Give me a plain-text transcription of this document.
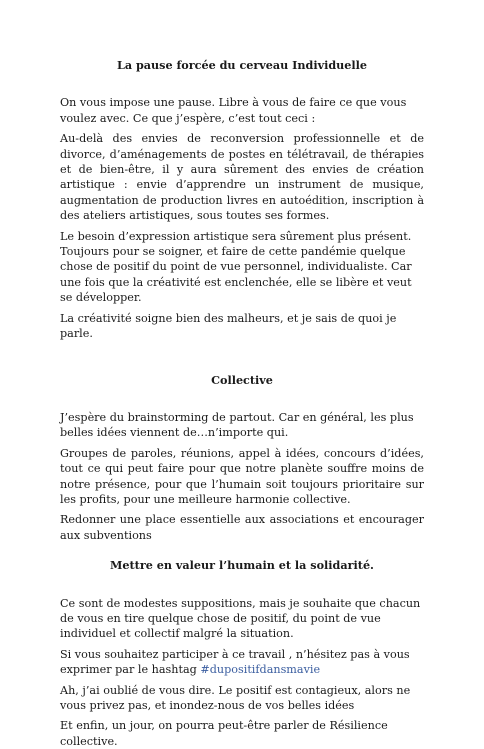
La pause forcée du cerveau Individuelle

On vous impose une pause. Libre à vous de faire ce que vous voulez avec. Ce que j’espère, c’est tout ceci :

Au-delà des envies de reconversion professionnelle et de divorce, d’aménagements de postes en télétravail, de thérapies et de bien-être, il y aura sûrement des envies de création artistique : envie d’apprendre un instrument de musique, augmentation de production livres en autoédition, inscription à des ateliers artistiques, sous toutes ses formes.

Le besoin d’expression artistique sera sûrement plus présent. Toujours pour se soigner, et faire de cette pandémie quelque chose de positif du point de vue personnel, individualiste. Car une fois que la créativité est enclenchée, elle se libère et veut se développer.

La créativité soigne bien des malheurs, et je sais de quoi je parle.

Collective

J’espère du brainstorming de partout. Car en général, les plus belles idées viennent de…n’importe qui.

Groupes de paroles, réunions, appel à idées, concours d’idées, tout ce qui peut faire pour que notre planète souffre moins de notre présence, pour que l’humain soit toujours prioritaire sur les profits, pour une meilleure harmonie collective.

Redonner une place essentielle aux associations et encourager aux subventions

Mettre en valeur l’humain et la solidarité.

Ce sont de modestes suppositions, mais je souhaite que chacun de vous en tire quelque chose de positif, du point de vue individuel et collectif malgré la situation.

Si vous souhaitez participer à ce travail , n’hésitez pas à vous exprimer par le hashtag #dupositifdansmavie

Ah, j’ai oublié de vous dire. Le positif est contagieux, alors ne vous privez pas, et inondez-nous de vos belles idées

Et enfin, un jour, on pourra peut-être parler de Résilience collective.
